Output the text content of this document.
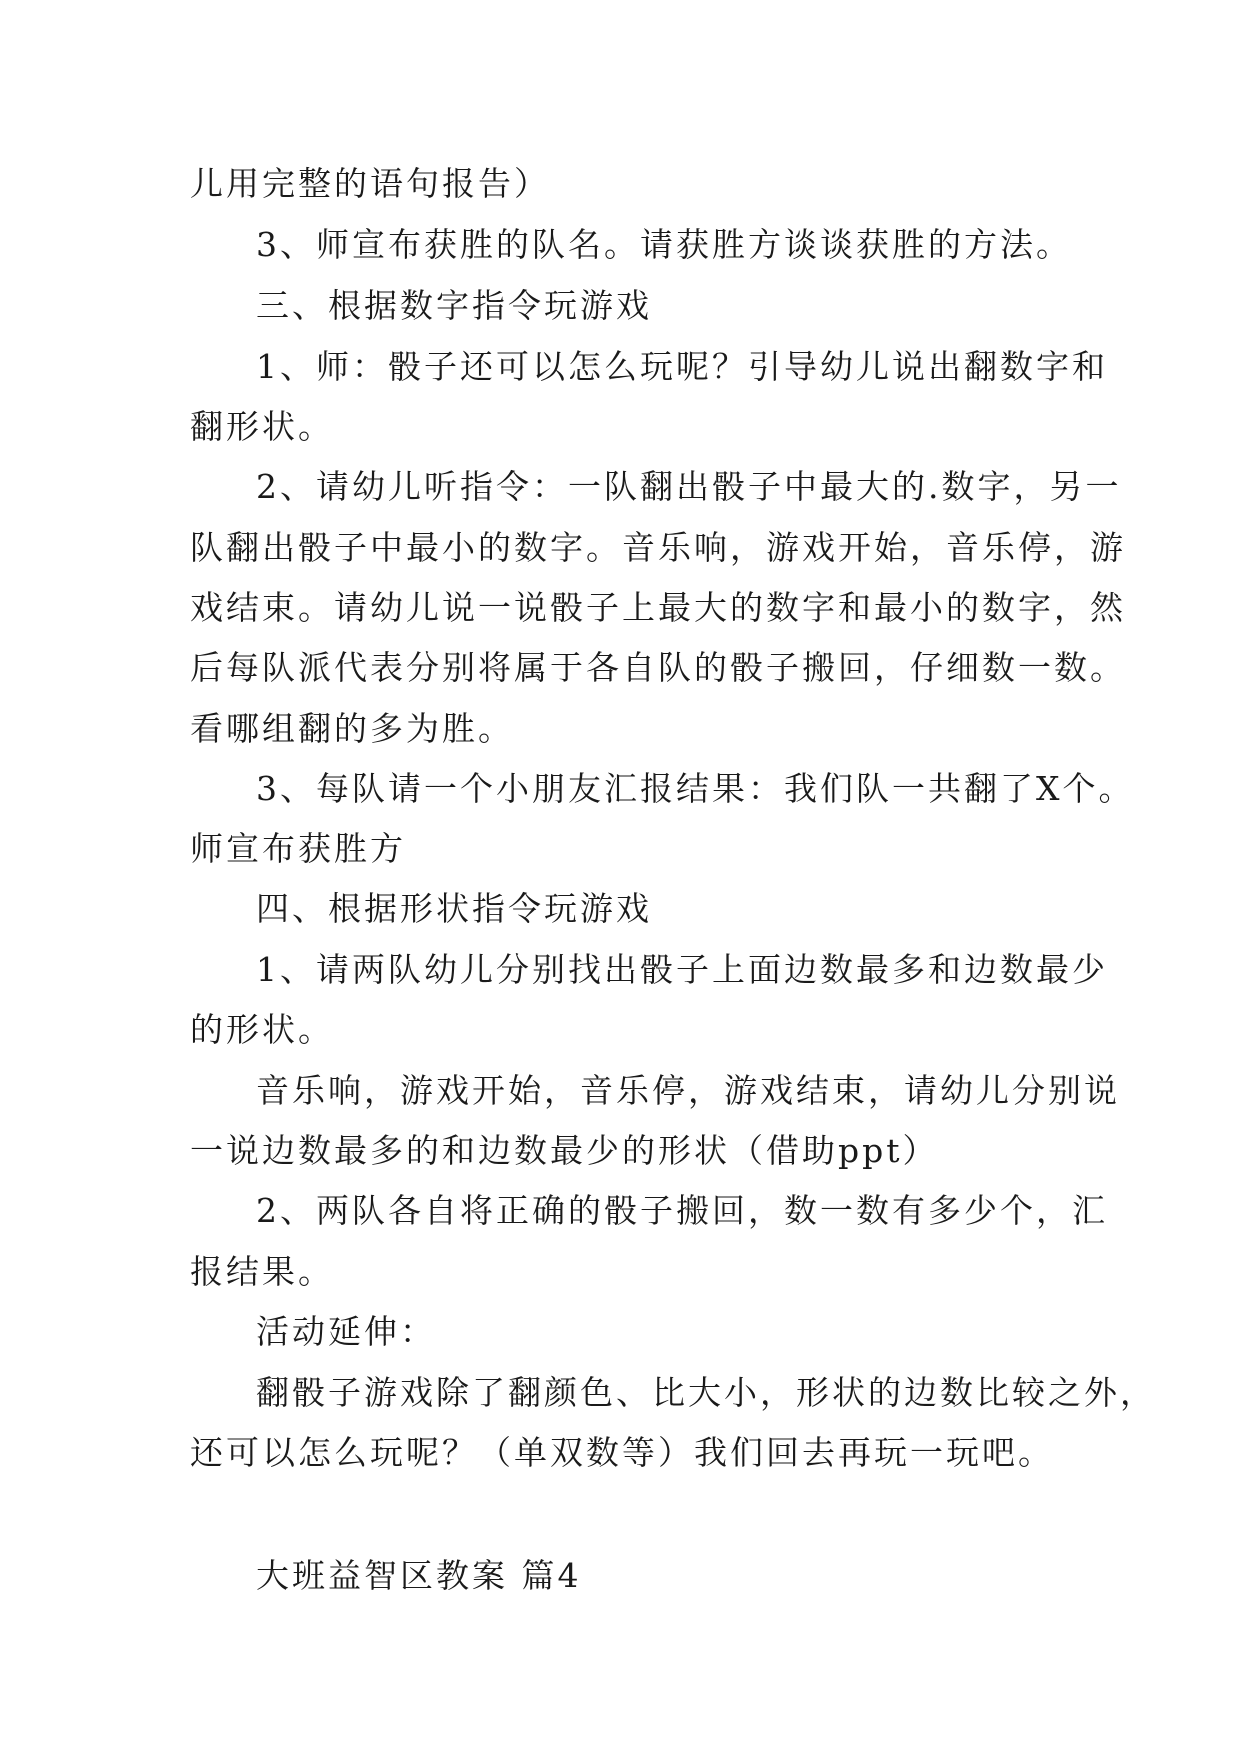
儿用完整的语句报告）
3、师宣布获胜的队名。请获胜方谈谈获胜的方法。
三、根据数字指令玩游戏
1、师：骰子还可以怎么玩呢？引导幼儿说出翻数字和
翻形状。
2、请幼儿听指令：一队翻出骰子中最大的.数字，另一
队翻出骰子中最小的数字。音乐响，游戏开始，音乐停，游
戏结束。请幼儿说一说骰子上最大的数字和最小的数字，然
后每队派代表分别将属于各自队的骰子搬回，仔细数一数。
看哪组翻的多为胜。
3、每队请一个小朋友汇报结果：我们队一共翻了X个。
师宣布获胜方
四、根据形状指令玩游戏
1、请两队幼儿分别找出骰子上面边数最多和边数最少
的形状。
音乐响，游戏开始，音乐停，游戏结束，请幼儿分别说
一说边数最多的和边数最少的形状（借助ppt）
2、两队各自将正确的骰子搬回，数一数有多少个，汇
报结果。
活动延伸：
翻骰子游戏除了翻颜色、比大小，形状的边数比较之外，
还可以怎么玩呢？（单双数等）我们回去再玩一玩吧。
大班益智区教案 篇4
